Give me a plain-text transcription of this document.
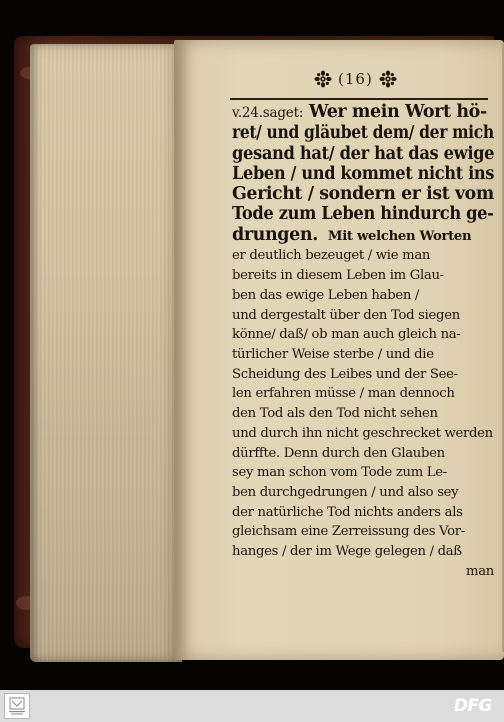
(16)
v.24.saget: Wer mein Wort hö-
ret/ und gläubet dem/ der mich
gesand hat/ der hat das ewige
Leben / und kommet nicht ins
Gericht / sondern er ist vom
Tode zum Leben hindurch ge-
drungen. Mit welchen Worten
er deutlich bezeuget / wie man
bereits in diesem Leben im Glau-
ben das ewige Leben haben /
und dergestalt über den Tod siegen
könne/ daß/ ob man auch gleich na-
türlicher Weise sterbe / und die
Scheidung des Leibes und der See-
len erfahren müsse / man dennoch
den Tod als den Tod nicht sehen
und durch ihn nicht geschrecket werden
dürffte. Denn durch den Glauben
sey man schon vom Tode zum Le-
ben durchgedrungen / und also sey
der natürliche Tod nichts anders als
gleichsam eine Zerreissung des Vor-
hanges / der im Wege gelegen / daß
man
DFG
